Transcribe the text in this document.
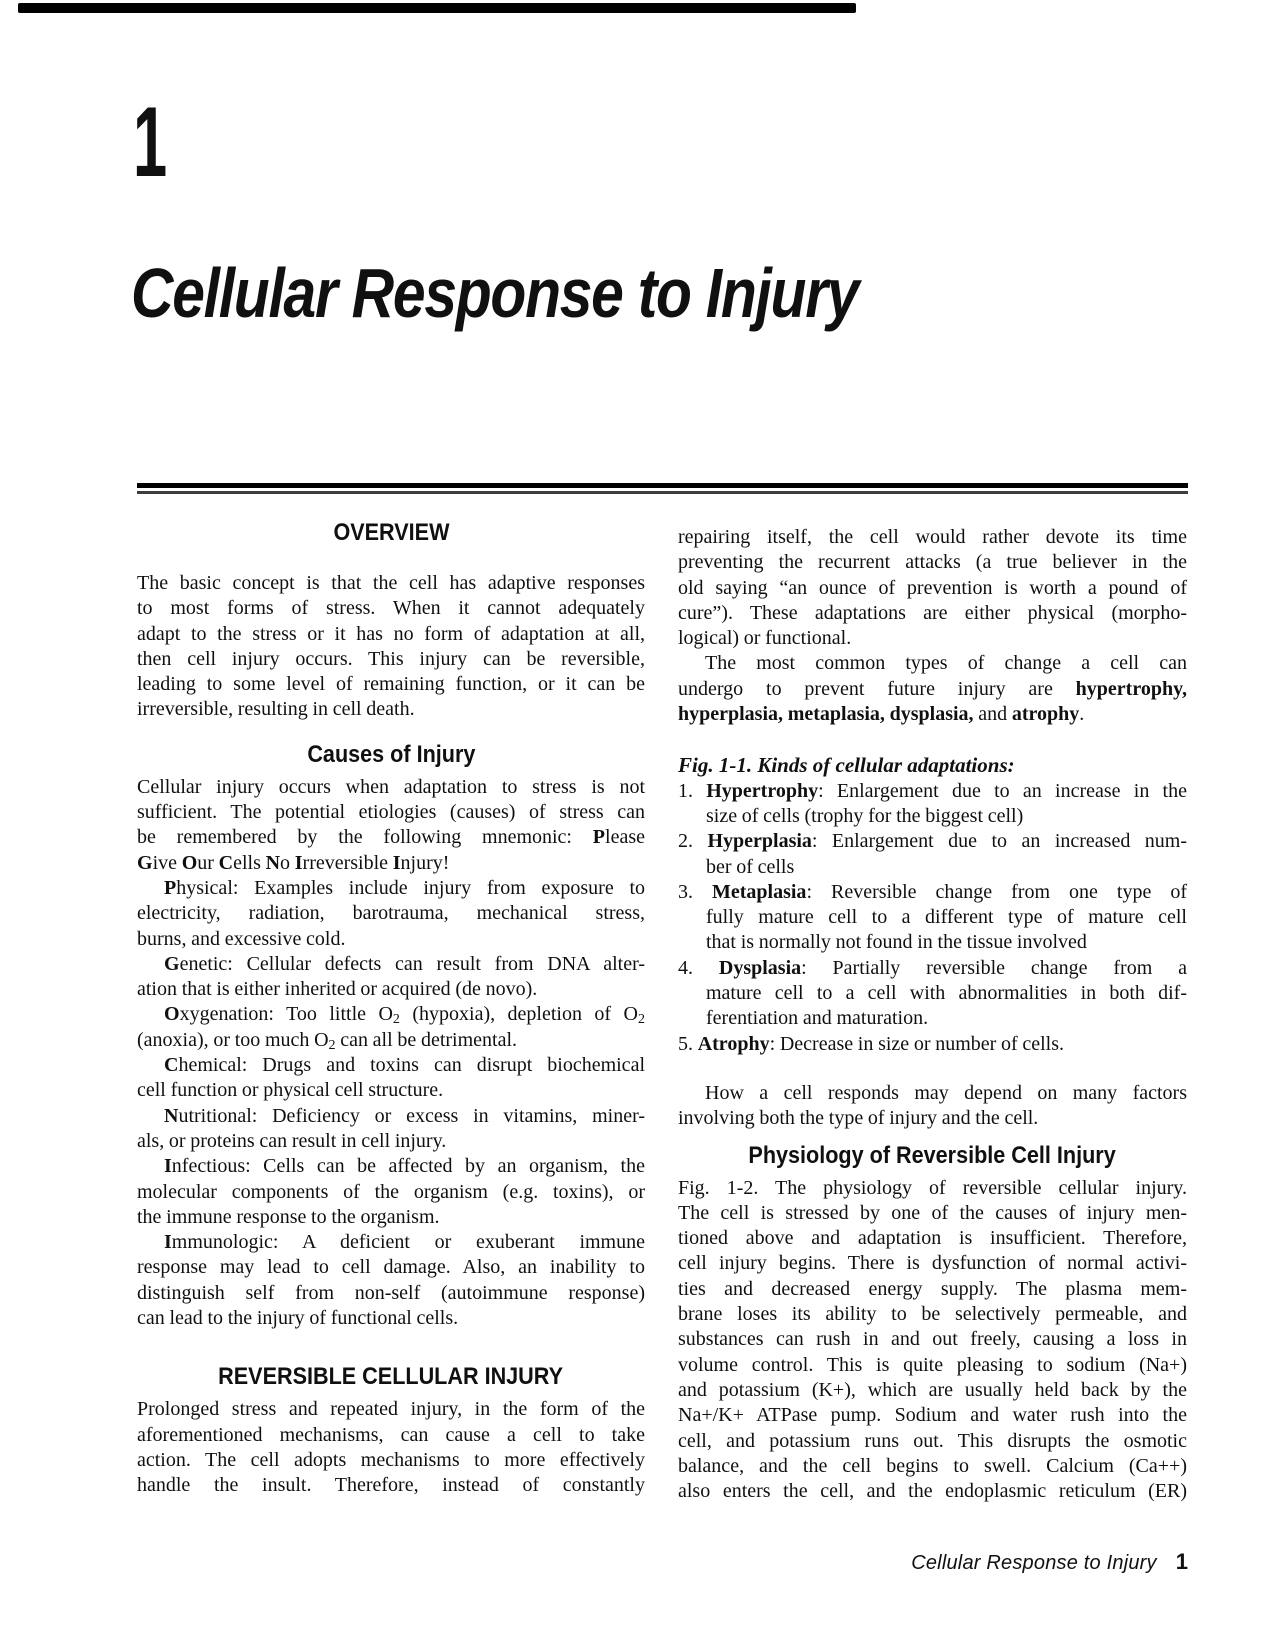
1
Cellular Response to Injury
OVERVIEW
The basic concept is that the cell has adaptive responses
to most forms of stress. When it cannot adequately
adapt to the stress or it has no form of adaptation at all,
then cell injury occurs. This injury can be reversible,
leading to some level of remaining function, or it can be
irreversible, resulting in cell death.
Causes of Injury
Cellular injury occurs when adaptation to stress is not
sufficient. The potential etiologies (causes) of stress can
be remembered by the following mnemonic: Please
Give Our Cells No Irreversible Injury!
Physical: Examples include injury from exposure to
electricity, radiation, barotrauma, mechanical stress,
burns, and excessive cold.
Genetic: Cellular defects can result from DNA alter-
ation that is either inherited or acquired (de novo).
Oxygenation: Too little $O_2$ (hypoxia), depletion of $O_2$
(anoxia), or too much $O_2$ can all be detrimental.
Chemical: Drugs and toxins can disrupt biochemical
cell function or physical cell structure.
Nutritional: Deficiency or excess in vitamins, miner-
als, or proteins can result in cell injury.
Infectious: Cells can be affected by an organism, the
molecular components of the organism (e.g. toxins), or
the immune response to the organism.
Immunologic: A deficient or exuberant immune
response may lead to cell damage. Also, an inability to
distinguish self from non-self (autoimmune response)
can lead to the injury of functional cells.
REVERSIBLE CELLULAR INJURY
Prolonged stress and repeated injury, in the form of the
aforementioned mechanisms, can cause a cell to take
action. The cell adopts mechanisms to more effectively
handle the insult. Therefore, instead of constantly
repairing itself, the cell would rather devote its time
preventing the recurrent attacks (a true believer in the
old saying “an ounce of prevention is worth a pound of
cure”). These adaptations are either physical (morpho-
logical) or functional.
The most common types of change a cell can
undergo to prevent future injury are hypertrophy,
hyperplasia, metaplasia, dysplasia, and atrophy.
Fig. 1-1. Kinds of cellular adaptations:
1. Hypertrophy: Enlargement due to an increase in the
size of cells (trophy for the biggest cell)
2. Hyperplasia: Enlargement due to an increased num-
ber of cells
3. Metaplasia: Reversible change from one type of
fully mature cell to a different type of mature cell
that is normally not found in the tissue involved
4. Dysplasia: Partially reversible change from a
mature cell to a cell with abnormalities in both dif-
ferentiation and maturation.
5. Atrophy: Decrease in size or number of cells.
How a cell responds may depend on many factors
involving both the type of injury and the cell.
Physiology of Reversible Cell Injury
Fig. 1-2. The physiology of reversible cellular injury.
The cell is stressed by one of the causes of injury men-
tioned above and adaptation is insufficient. Therefore,
cell injury begins. There is dysfunction of normal activi-
ties and decreased energy supply. The plasma mem-
brane loses its ability to be selectively permeable, and
substances can rush in and out freely, causing a loss in
volume control. This is quite pleasing to sodium (Na+)
and potassium (K+), which are usually held back by the
Na+/K+ ATPase pump. Sodium and water rush into the
cell, and potassium runs out. This disrupts the osmotic
balance, and the cell begins to swell. Calcium (Ca++)
also enters the cell, and the endoplasmic reticulum (ER)
Cellular Response to Injury 1
